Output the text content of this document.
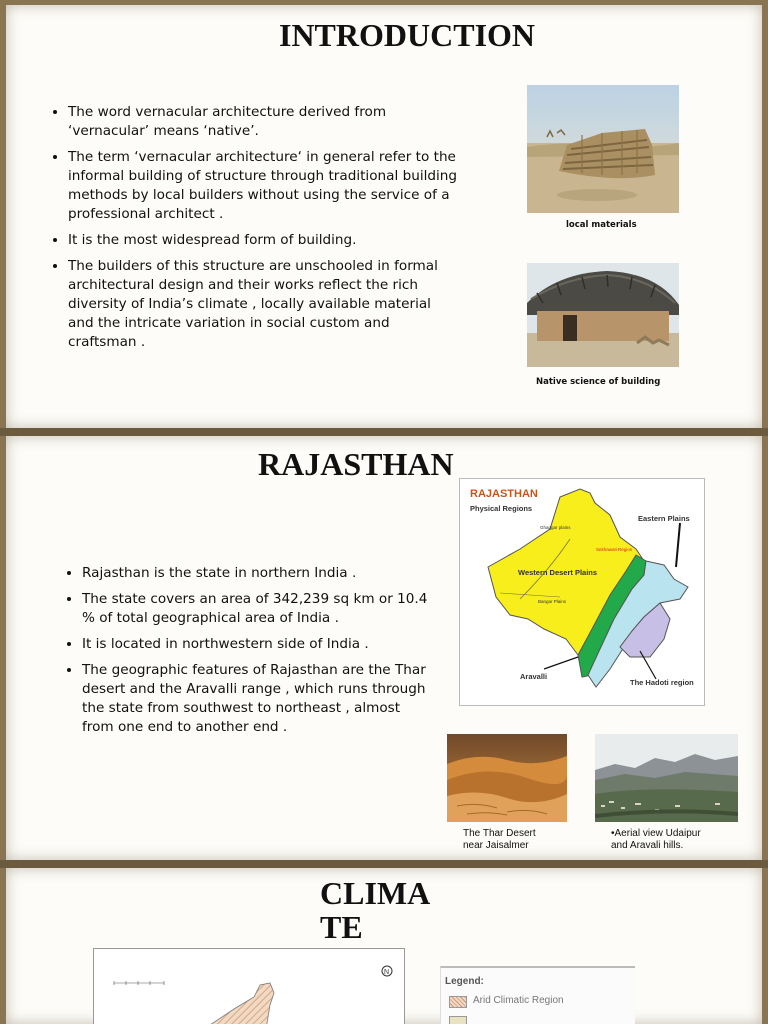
INTRODUCTION
• The word vernacular architecture derived from ‘vernacular’ means ‘native’.
• The term ‘vernacular architecture‘ in general refer to the informal building of structure through traditional building methods by local builders without using the service of a professional architect .
• It is the most widespread form of building.
• The builders of this structure are unschooled in formal architectural design and their works reflect the rich diversity of India’s climate , locally available material and the intricate variation in social custom and craftsman .
local materials
Native science of building
RAJASTHAN
• Rajasthan is the state in northern India .
• The state covers an area of 342,239 sq km or 10.4 % of total geographical area of India .
• It is located in northwestern side of India .
• The geographic features of Rajasthan are the Thar desert and the Aravalli range , which runs through the state from southwest to northeast , almost from one end to another end .
RAJASTHAN
Physical Regions
Eastern Plains
Western Desert Plains
Aravalli
The Hadoti region
Ghaggar plains
Sekhawati Region
Bangar Plains
The Thar Desert near Jaisalmer
•Aerial view Udaipur and Aravali hills.
CLIMA
TE
N
Legend:
Arid Climatic Region
